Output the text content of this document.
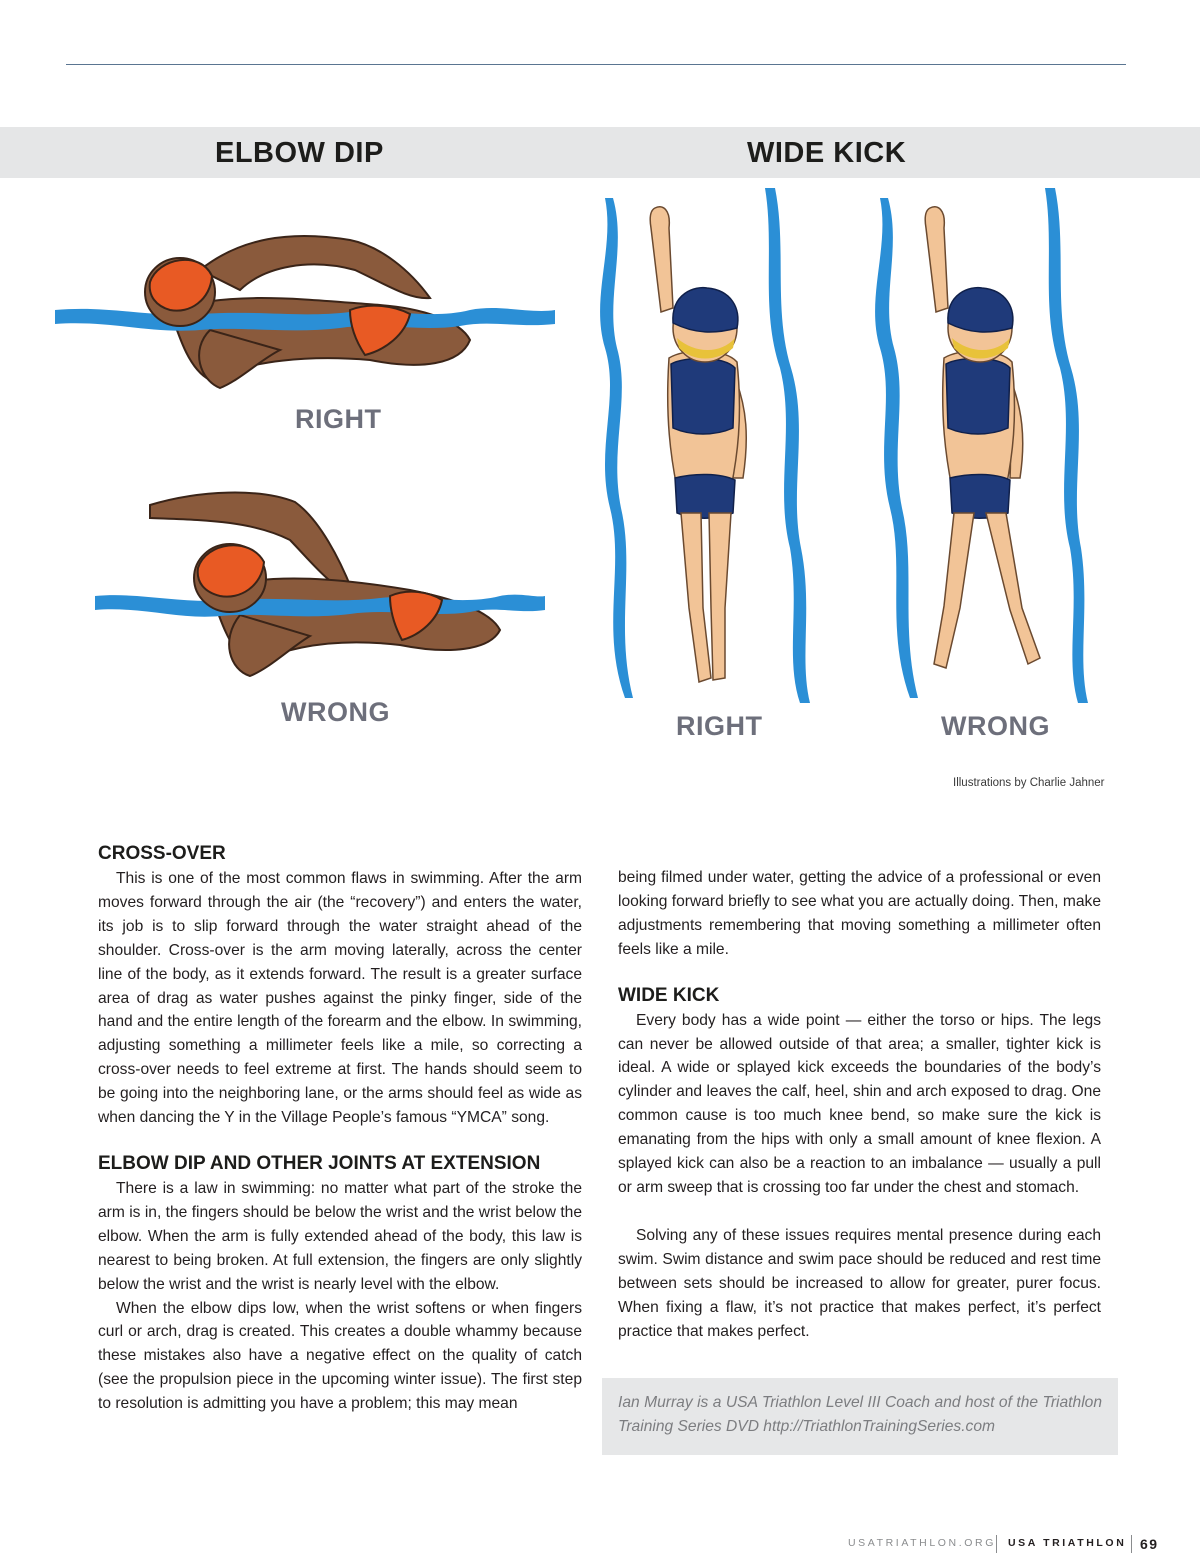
ELBOW DIP	WIDE KICK
RIGHT
WRONG	RIGHT	WRONG
Illustrations by Charlie Jahner
CROSS-OVER

This is one of the most common flaws in swimming. After the arm moves forward through the air (the “recovery”) and enters the water, its job is to slip forward through the water straight ahead of the shoulder. Cross-over is the arm moving laterally, across the center line of the body, as it extends forward. The result is a greater surface area of drag as water pushes against the pinky finger, side of the hand and the entire length of the forearm and the elbow. In swimming, adjusting something a millimeter feels like a mile, so correcting a cross-over needs to feel extreme at first. The hands should seem to be going into the neighboring lane, or the arms should feel as wide as when dancing the Y in the Village People’s famous “YMCA” song.

ELBOW DIP AND OTHER JOINTS AT EXTENSION

There is a law in swimming: no matter what part of the stroke the arm is in, the fingers should be below the wrist and the wrist below the elbow. When the arm is fully extended ahead of the body, this law is nearest to being broken. At full extension, the fingers are only slightly below the wrist and the wrist is nearly level with the elbow.

When the elbow dips low, when the wrist softens or when fingers curl or arch, drag is created. This creates a double whammy because these mistakes also have a negative effect on the quality of catch (see the propulsion piece in the upcoming winter issue). The first step to resolution is admitting you have a problem; this may mean

being filmed under water, getting the advice of a professional or even looking forward briefly to see what you are actually doing. Then, make adjustments remembering that moving something a millimeter often feels like a mile.

WIDE KICK

Every body has a wide point — either the torso or hips. The legs can never be allowed outside of that area; a smaller, tighter kick is ideal. A wide or splayed kick exceeds the boundaries of the body’s cylinder and leaves the calf, heel, shin and arch exposed to drag. One common cause is too much knee bend, so make sure the kick is emanating from the hips with only a small amount of knee flexion. A splayed kick can also be a reaction to an imbalance — usually a pull or arm sweep that is crossing too far under the chest and stomach.

Solving any of these issues requires mental presence during each swim. Swim distance and swim pace should be reduced and rest time between sets should be increased to allow for greater, purer focus. When fixing a flaw, it’s not practice that makes perfect, it’s perfect practice that makes perfect.

Ian Murray is a USA Triathlon Level III Coach and host of the Triathlon Training Series DVD http://TriathlonTrainingSeries.com

USATRIATHLON.ORG USA TRIATHLON 69
